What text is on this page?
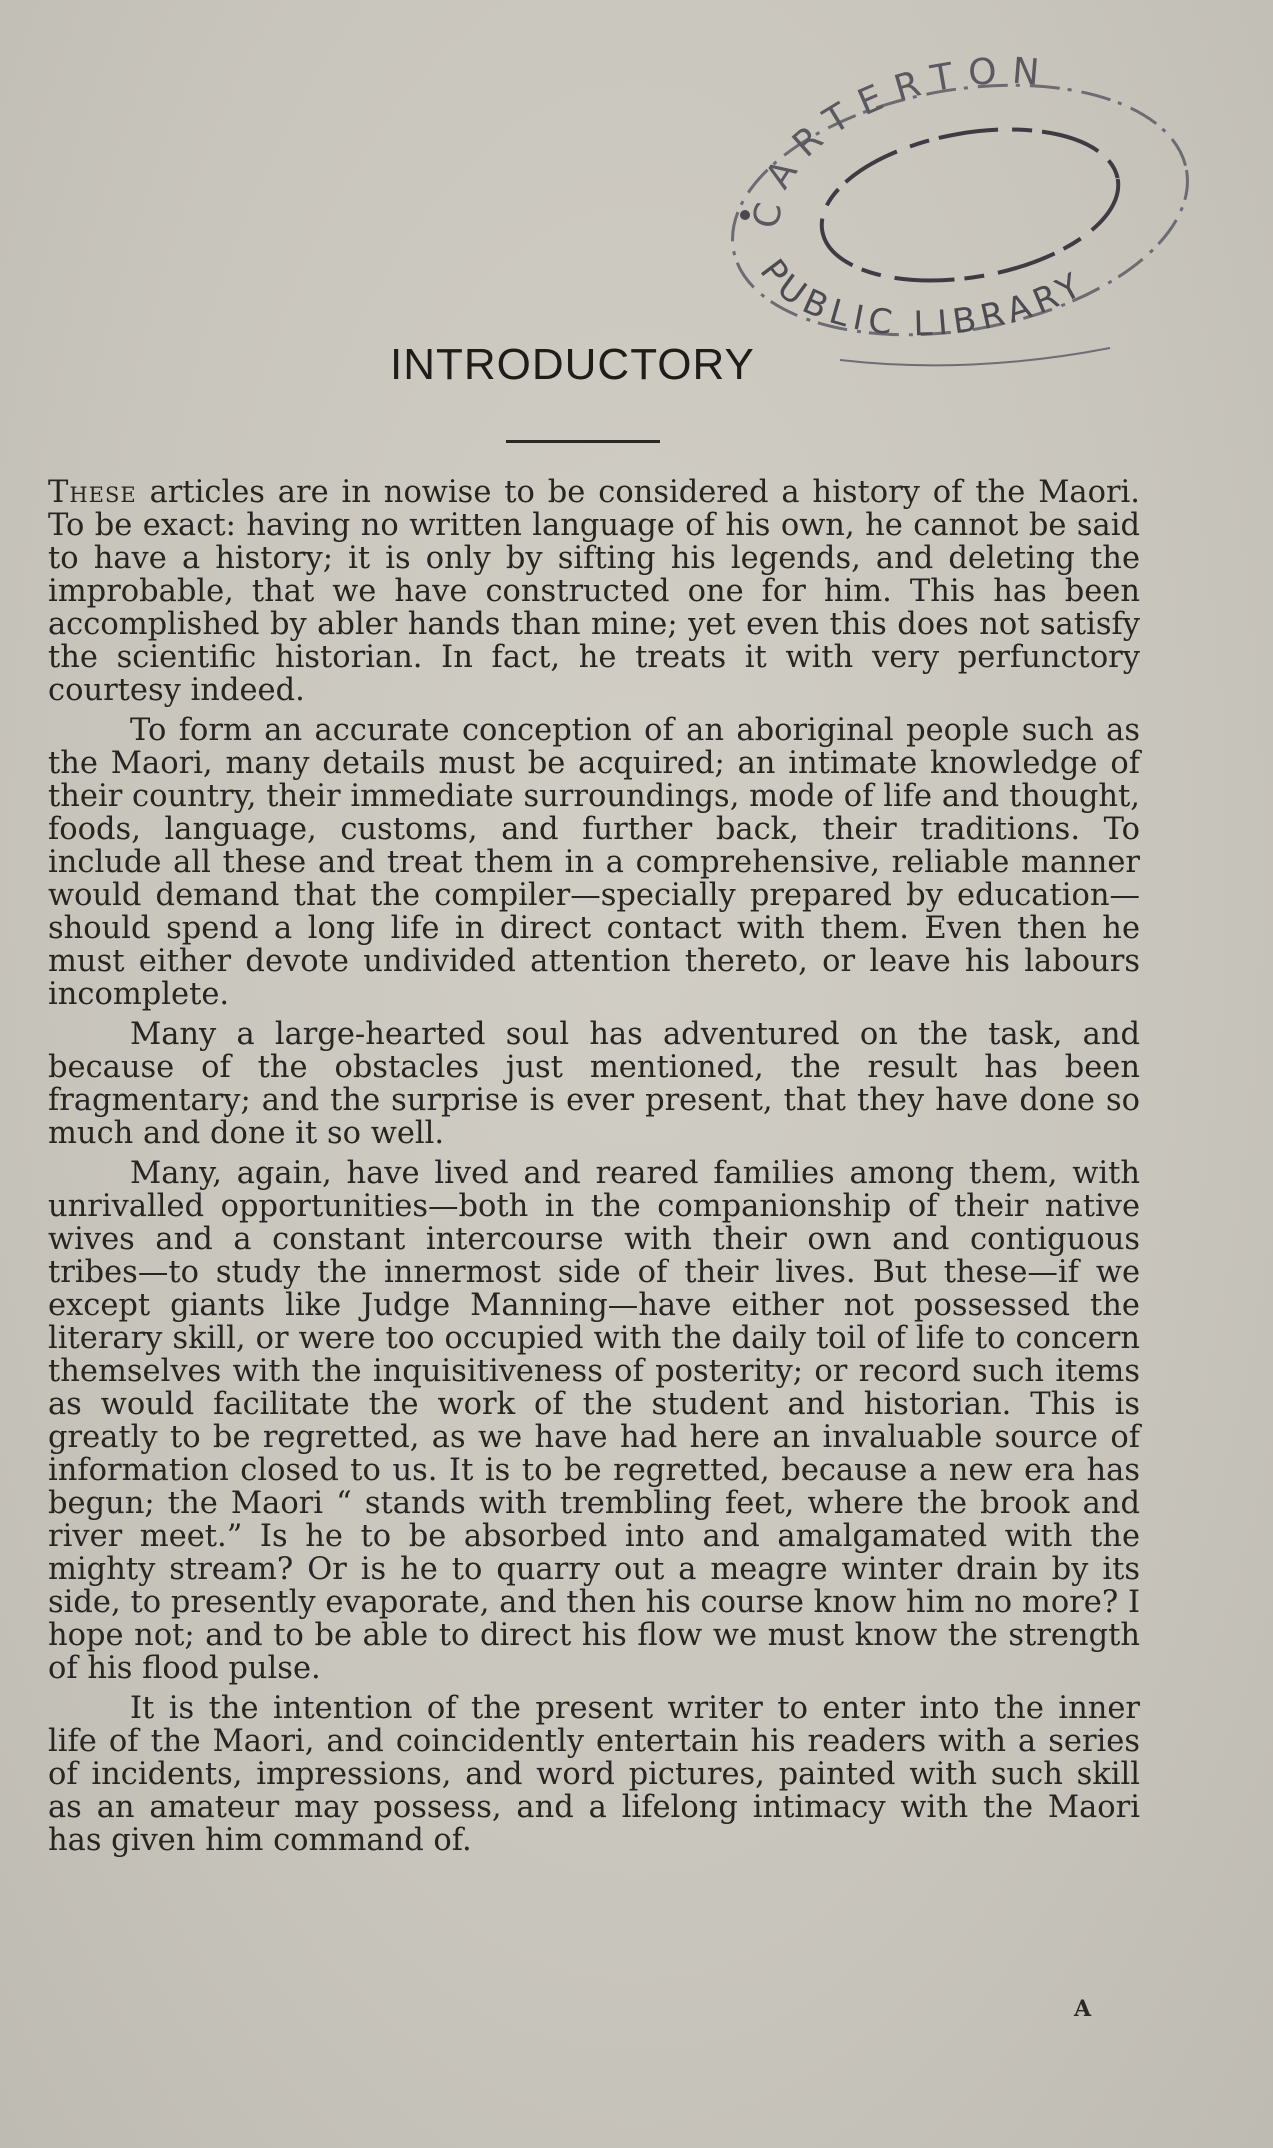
CARTERTON
PUBLIC LIBRARY
INTRODUCTORY

These articles are in nowise to be considered a history of the Maori. To be exact: having no written language of his own, he cannot be said to have a history; it is only by sifting his legends, and deleting the improbable, that we have constructed one for him. This has been accomplished by abler hands than mine; yet even this does not satisfy the scientific historian. In fact, he treats it with very perfunctory courtesy indeed.

To form an accurate conception of an aboriginal people such as the Maori, many details must be acquired; an intimate knowledge of their country, their immediate surroundings, mode of life and thought, foods, language, customs, and further back, their traditions. To include all these and treat them in a comprehensive, reliable manner would demand that the compiler—specially prepared by education—should spend a long life in direct contact with them. Even then he must either devote undivided attention thereto, or leave his labours incomplete.

Many a large-hearted soul has adventured on the task, and because of the obstacles just mentioned, the result has been fragmentary; and the surprise is ever present, that they have done so much and done it so well.

Many, again, have lived and reared families among them, with unrivalled opportunities—both in the companionship of their native wives and a constant intercourse with their own and contiguous tribes—to study the innermost side of their lives. But these—if we except giants like Judge Manning—have either not possessed the literary skill, or were too occupied with the daily toil of life to concern themselves with the inquisitiveness of posterity; or record such items as would facilitate the work of the student and historian. This is greatly to be regretted, as we have had here an invaluable source of information closed to us. It is to be regretted, because a new era has begun; the Maori “ stands with trembling feet, where the brook and river meet.” Is he to be absorbed into and amalgamated with the mighty stream? Or is he to quarry out a meagre winter drain by its side, to presently evaporate, and then his course know him no more? I hope not; and to be able to direct his flow we must know the strength of his flood pulse.

It is the intention of the present writer to enter into the inner life of the Maori, and coincidently entertain his readers with a series of incidents, impressions, and word pictures, painted with such skill as an amateur may possess, and a lifelong intimacy with the Maori has given him command of.

A
